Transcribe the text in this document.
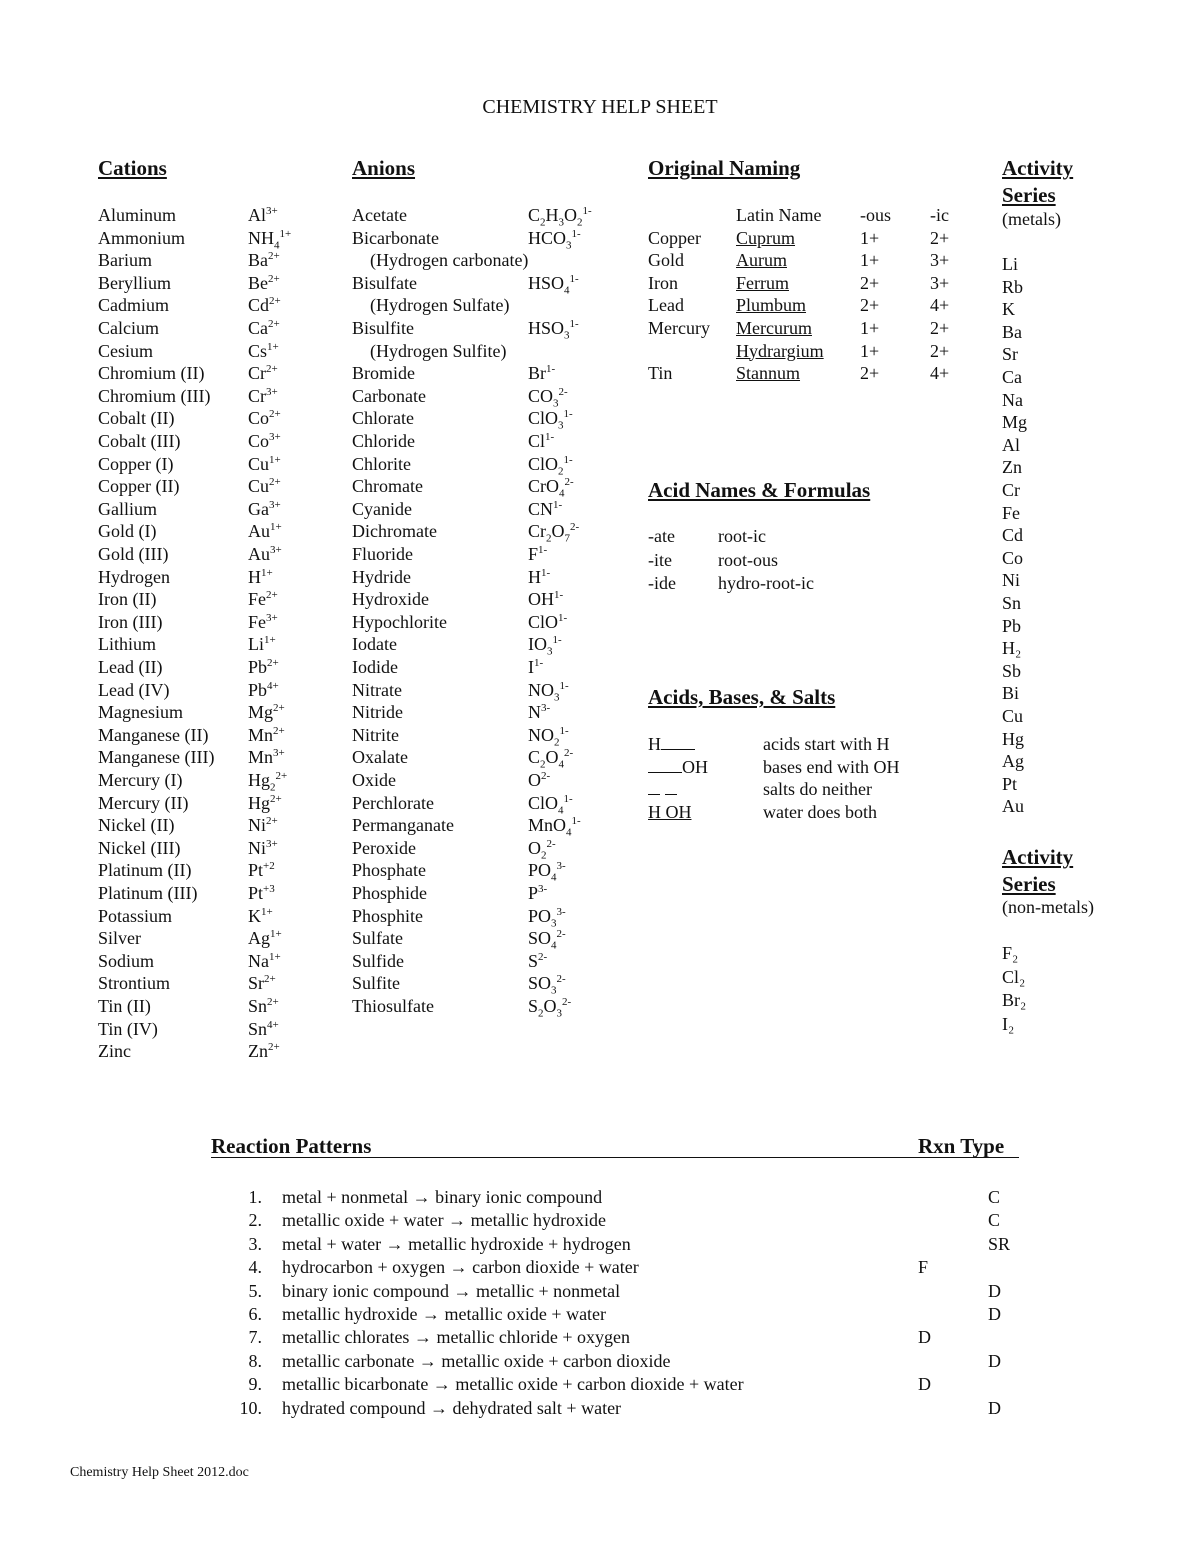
CHEMISTRY HELP SHEET
Cations
Aluminum	$Al^{3+}$
Ammonium	$NH_4^{1+}$
Barium	$Ba^{2+}$
Beryllium	$Be^{2+}$
Cadmium	$Cd^{2+}$
Calcium	$Ca^{2+}$
Cesium	$Cs^{1+}$
Chromium (II) $Cr^{2+}$
Chromium (III) $Cr^{3+}$
Cobalt (II)	$Co^{2+}$
Cobalt (III)	$Co^{3+}$
Copper (I)	$Cu^{1+}$
Copper (II)	$Cu^{2+}$
Gallium	$Ga^{3+}$
Gold (I)	$Au^{1+}$
Gold (III)	$Au^{3+}$
Hydrogen	$H^{1+}$
Iron (II)	$Fe^{2+}$
Iron (III)	$Fe^{3+}$
Lithium	$Li^{1+}$
Lead (II)	$Pb^{2+}$
Lead (IV)	$Pb^{4+}$
Magnesium	$Mg^{2+}$
Manganese (II) $Mn^{2+}$
Manganese (III) $Mn^{3+}$
Mercury (I)	$Hg_2^{2+}$
Mercury (II)	$Hg^{2+}$
Nickel (II)	$Ni^{2+}$
Nickel (III)	$Ni^{3+}$
Platinum (II)	$Pt^{+2}$
Platinum (III)	$Pt^{+3}$
Potassium	$K^{1+}$
Silver	$Ag^{1+}$
Sodium	$Na^{1+}$
Strontium	$Sr^{2+}$
Tin (II)	$Sn^{2+}$
Tin (IV)	$Sn^{4+}$
Zinc	$Zn^{2+}$
Anions
Acetate	$C_2H_3O_2^{1-}$
Bicarbonate	$HCO_3^{1-}$
(Hydrogen carbonate)
Bisulfate	$HSO_4^{1-}$
(Hydrogen Sulfate)
Bisulfite	$HSO_3^{1-}$
(Hydrogen Sulfite)
Bromide	$Br^{1-}$
Carbonate	$CO_3^{2-}$
Chlorate	ClO$_3^{1-}$
Chloride	$Cl^{1-}$
Chlorite	ClO$_2^{1-}$
Chromate	CrO$_4^{2-}$
Cyanide	$CN^{1-}$
Dichromate	$Cr_2O_7^{2-}$
Fluoride	$F^{1-}$
Hydride	$H^{1-}$
Hydroxide	$OH^{1-}$
Hypochlorite	ClO$^{1-}$
Iodate	$IO_3^{1-}$
Iodide	$I^{1-}$
Nitrate	$NO_3^{1-}$
Nitride	$N^{3-}$
Nitrite	$NO_2^{1-}$
Oxalate	$C_2O_4^{2-}$
Oxide	$O^{2-}$
Perchlorate	ClO$_4^{1-}$
Permanganate	MnO$_4^{1-}$
Peroxide	$O_2^{2-}$
Phosphate	$PO_4^{3-}$
Phosphide	$P^{3-}$
Phosphite	$PO_3^{3-}$
Sulfate	$SO_4^{2-}$
Sulfide	$S^{2-}$
Sulfite	$SO_3^{2-}$
Thiosulfate	$S_2O_3^{2-}$
Original Naming
Latin Name -ous -ic
Copper Cuprum	1+	2+
Gold	Aurum	1+	3+
Iron	Ferrum	2+	3+
Lead	Plumbum	2+	4+
Mercury Mercurum	1+	2+
Hydrargium 1+	2+
Tin	Stannum	2+	4+
Acid Names & Formulas
-ate root-ic
-ite	root-ous
-ide hydro-root-ic
Acids, Bases, & Salts
H	acids start with H
OH	bases end with OH

salts do neither
H OH	water does both
Activity
Series
(metals)
Li
Rb
K
Ba
Sr
Ca
Na
Mg
Al
Zn
Cr
Fe
Cd
Co
Ni
Sn
Pb
H₂
Sb
Bi
Cu
Hg
Ag
Pt
Au
Activity
Series
(non-metals)
F₂
Cl₂
Br₂
I₂
Reaction Patterns	Rxn Type
1. metal + nonmetal → binary ionic compound	C
2. metallic oxide + water → metallic hydroxide	C
3. metal + water → metallic hydroxide + hydrogen	SR
4. hydrocarbon + oxygen → carbon dioxide + water	F
5. binary ionic compound → metallic + nonmetal	D
6. metallic hydroxide → metallic oxide + water	D
7. metallic chlorates → metallic chloride + oxygen	D
8. metallic carbonate → metallic oxide + carbon dioxide	D
9. metallic bicarbonate → metallic oxide + carbon dioxide + water	D
10. hydrated compound → dehydrated salt + water	D
Chemistry Help Sheet 2012.doc
